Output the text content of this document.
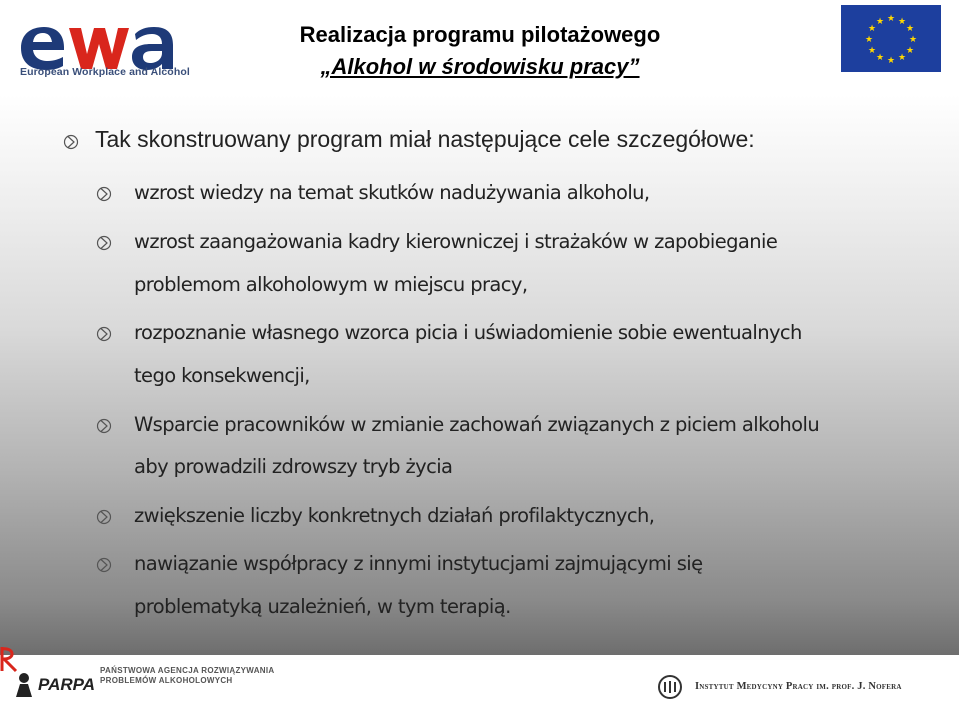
European Workplace and Alcohol
Realizacja programu pilotażowego
„Alkohol w środowisku pracy”
★ ★
★
★
★
★
★
★
★
★
★
★
Tak skonstruowany program miał następujące cele szczegółowe:
wzrost wiedzy na temat skutków nadużywania alkoholu,
wzrost zaangażowania kadry kierowniczej i strażaków w zapobieganie
problemom alkoholowym w miejscu pracy,
rozpoznanie własnego wzorca picia i uświadomienie sobie ewentualnych
tego konsekwencji,
Wsparcie pracowników w zmianie zachowań związanych z piciem alkoholu
aby prowadzili zdrowszy tryb życia
zwiększenie liczby konkretnych działań profilaktycznych,
nawiązanie współpracy z innymi instytucjami zajmującymi się
problematyką uzależnień, w tym terapią.
PARPA
PAŃSTWOWA AGENCJA ROZWIĄZYWANIA
PROBLEMÓW ALKOHOLOWYCH
Instytut Medycyny Pracy im. prof. J. Nofera
